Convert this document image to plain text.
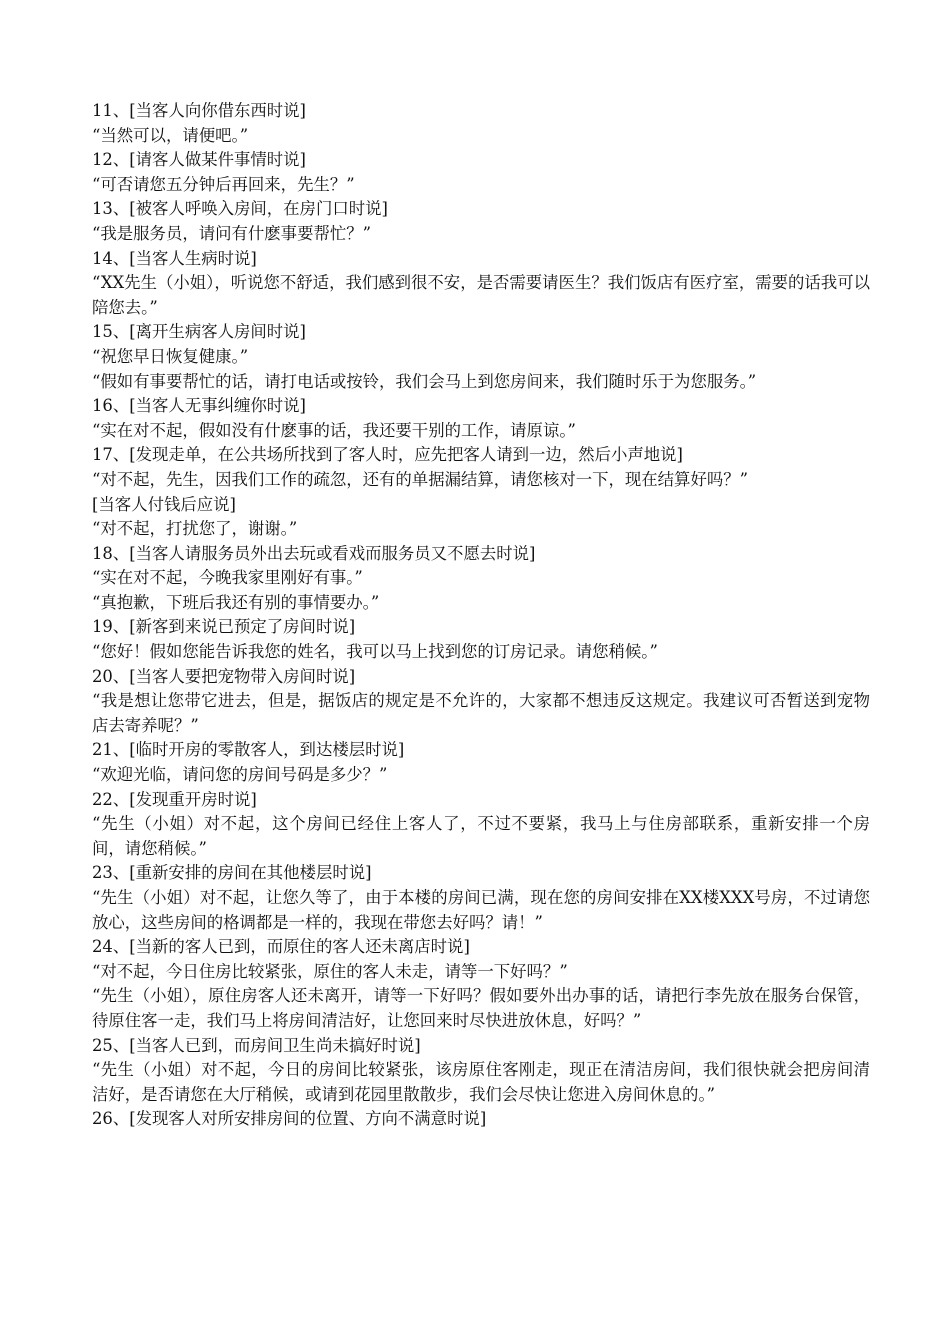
11、[当客人向你借东西时说]

“当然可以，请便吧。”

12、[请客人做某件事情时说]

“可否请您五分钟后再回来，先生？”

13、[被客人呼唤入房间，在房门口时说]

“我是服务员，请问有什麽事要帮忙？”

14、[当客人生病时说]

“XX先生（小姐），听说您不舒适，我们感到很不安，是否需要请医生？我们饭店有医疗室，需要的话我可以陪您去。”

15、[离开生病客人房间时说]

“祝您早日恢复健康。”

“假如有事要帮忙的话，请打电话或按铃，我们会马上到您房间来，我们随时乐于为您服务。”

16、[当客人无事纠缠你时说]

“实在对不起，假如没有什麽事的话，我还要干别的工作，请原谅。”

17、[发现走单，在公共场所找到了客人时，应先把客人请到一边，然后小声地说]

“对不起，先生，因我们工作的疏忽，还有的单据漏结算，请您核对一下，现在结算好吗？”

[当客人付钱后应说]

“对不起，打扰您了，谢谢。”

18、[当客人请服务员外出去玩或看戏而服务员又不愿去时说]

“实在对不起，今晚我家里刚好有事。”

“真抱歉，下班后我还有别的事情要办。”

19、[新客到来说已预定了房间时说]

“您好！假如您能告诉我您的姓名，我可以马上找到您的订房记录。请您稍候。”

20、[当客人要把宠物带入房间时说]

“我是想让您带它进去，但是，据饭店的规定是不允许的，大家都不想违反这规定。我建议可否暂送到宠物店去寄养呢？”

21、[临时开房的零散客人，到达楼层时说]

“欢迎光临，请问您的房间号码是多少？”

22、[发现重开房时说]

“先生（小姐）对不起，这个房间已经住上客人了，不过不要紧，我马上与住房部联系，重新安排一个房间，请您稍候。”

23、[重新安排的房间在其他楼层时说]

“先生（小姐）对不起，让您久等了，由于本楼的房间已满，现在您的房间安排在XX楼XXX号房，不过请您放心，这些房间的格调都是一样的，我现在带您去好吗？请！”

24、[当新的客人已到，而原住的客人还未离店时说]

“对不起，今日住房比较紧张，原住的客人未走，请等一下好吗？”

“先生（小姐），原住房客人还未离开，请等一下好吗？假如要外出办事的话，请把行李先放在服务台保管，待原住客一走，我们马上将房间清洁好，让您回来时尽快进放休息，好吗？”

25、[当客人已到，而房间卫生尚未搞好时说]

“先生（小姐）对不起，今日的房间比较紧张，该房原住客刚走，现正在清洁房间，我们很快就会把房间清洁好，是否请您在大厅稍候，或请到花园里散散步，我们会尽快让您进入房间休息的。”

26、[发现客人对所安排房间的位置、方向不满意时说]
